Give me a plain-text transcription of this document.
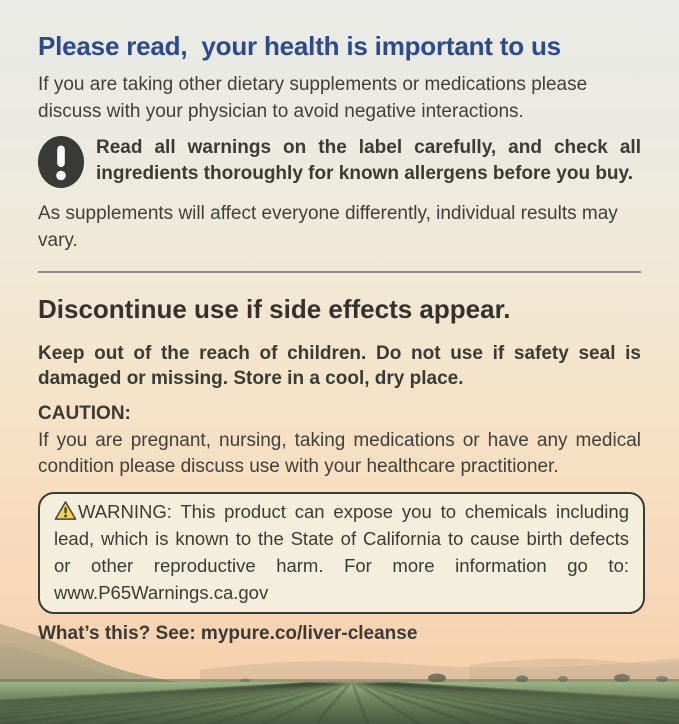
Please read,  your health is important to us

If you are taking other dietary supplements or medications please discuss with your physician to avoid negative interactions.

Read all warnings on the label carefully, and check all ingredients thoroughly for known allergens before you buy.

As supplements will affect everyone differently, individual results may vary.

Discontinue use if side effects appear.

Keep out of the reach of children. Do not use if safety seal is damaged or missing. Store in a cool, dry place.

CAUTION:

If you are pregnant, nursing, taking medications or have any medical condition please discuss use with your healthcare practitioner.

WARNING: This product can expose you to chemicals including lead, which is known to the State of California to cause birth defects or other reproductive harm. For more information go to: www.P65Warnings.ca.gov

What’s this? See: mypure.co/liver-cleanse
